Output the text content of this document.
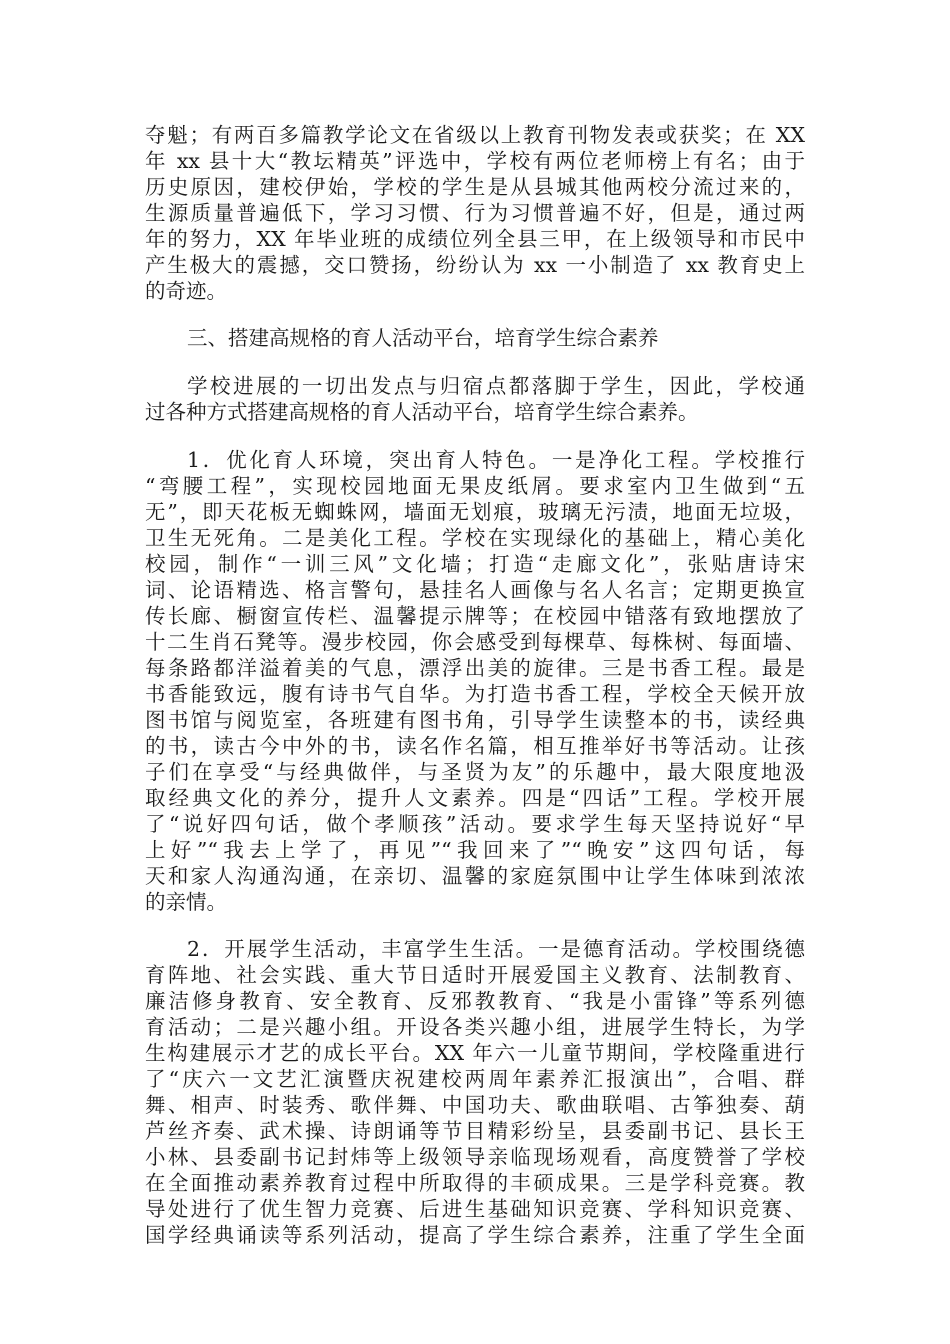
夺魁；有两百多篇教学论文在省级以上教育刊物发表或获奖；在 XX
年 xx 县十大“教坛精英”评选中，学校有两位老师榜上有名；由于
历史原因，建校伊始，学校的学生是从县城其他两校分流过来的，
生源质量普遍低下，学习习惯、行为习惯普遍不好，但是，通过两
年的努力，XX 年毕业班的成绩位列全县三甲，在上级领导和市民中
产生极大的震撼，交口赞扬，纷纷认为 xx 一小制造了 xx 教育史上
的奇迹。
三、搭建高规格的育人活动平台，培育学生综合素养
学校进展的一切出发点与归宿点都落脚于学生，因此，学校通
过各种方式搭建高规格的育人活动平台，培育学生综合素养。
1．优化育人环境，突出育人特色。一是净化工程。学校推行
“弯腰工程”，实现校园地面无果皮纸屑。要求室内卫生做到“五
无”，即天花板无蜘蛛网，墙面无划痕，玻璃无污渍，地面无垃圾，
卫生无死角。二是美化工程。学校在实现绿化的基础上，精心美化
校园，制作“一训三风”文化墙；打造“走廊文化”，张贴唐诗宋
词、论语精选、格言警句，悬挂名人画像与名人名言；定期更换宣
传长廊、橱窗宣传栏、温馨提示牌等；在校园中错落有致地摆放了
十二生肖石凳等。漫步校园，你会感受到每棵草、每株树、每面墙、
每条路都洋溢着美的气息，漂浮出美的旋律。三是书香工程。最是
书香能致远，腹有诗书气自华。为打造书香工程，学校全天候开放
图书馆与阅览室，各班建有图书角，引导学生读整本的书，读经典
的书，读古今中外的书，读名作名篇，相互推举好书等活动。让孩
子们在享受“与经典做伴，与圣贤为友”的乐趣中，最大限度地汲
取经典文化的养分，提升人文素养。四是“四话”工程。学校开展
了“说好四句话，做个孝顺孩”活动。要求学生每天坚持说好“早
上好”“我去上学了，再见”“我回来了”“晚安”这四句话，每
天和家人沟通沟通，在亲切、温馨的家庭氛围中让学生体味到浓浓
的亲情。
2．开展学生活动，丰富学生生活。一是德育活动。学校围绕德
育阵地、社会实践、重大节日适时开展爱国主义教育、法制教育、
廉洁修身教育、安全教育、反邪教教育、“我是小雷锋”等系列德
育活动；二是兴趣小组。开设各类兴趣小组，进展学生特长，为学
生构建展示才艺的成长平台。XX 年六一儿童节期间，学校隆重进行
了“庆六一文艺汇演暨庆祝建校两周年素养汇报演出”，合唱、群
舞、相声、时装秀、歌伴舞、中国功夫、歌曲联唱、古筝独奏、葫
芦丝齐奏、武术操、诗朗诵等节目精彩纷呈，县委副书记、县长王
小林、县委副书记封炜等上级领导亲临现场观看，高度赞誉了学校
在全面推动素养教育过程中所取得的丰硕成果。三是学科竞赛。教
导处进行了优生智力竞赛、后进生基础知识竞赛、学科知识竞赛、
国学经典诵读等系列活动，提高了学生综合素养，注重了学生全面
